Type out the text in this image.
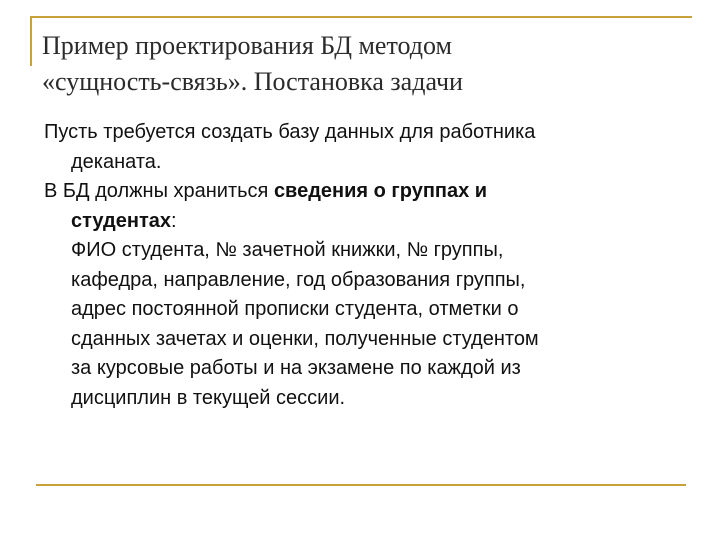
Пример проектирования БД методом
«сущность-связь». Постановка задачи

Пусть требуется создать базу данных для работника
деканата.

В БД должны храниться сведения о группах и
студентах:

ФИО студента, № зачетной книжки, № группы,
кафедра, направление, год образования группы,
адрес постоянной прописки студента, отметки о
сданных зачетах и оценки, полученные студентом
за курсовые работы и на экзамене по каждой из
дисциплин в текущей сессии.
